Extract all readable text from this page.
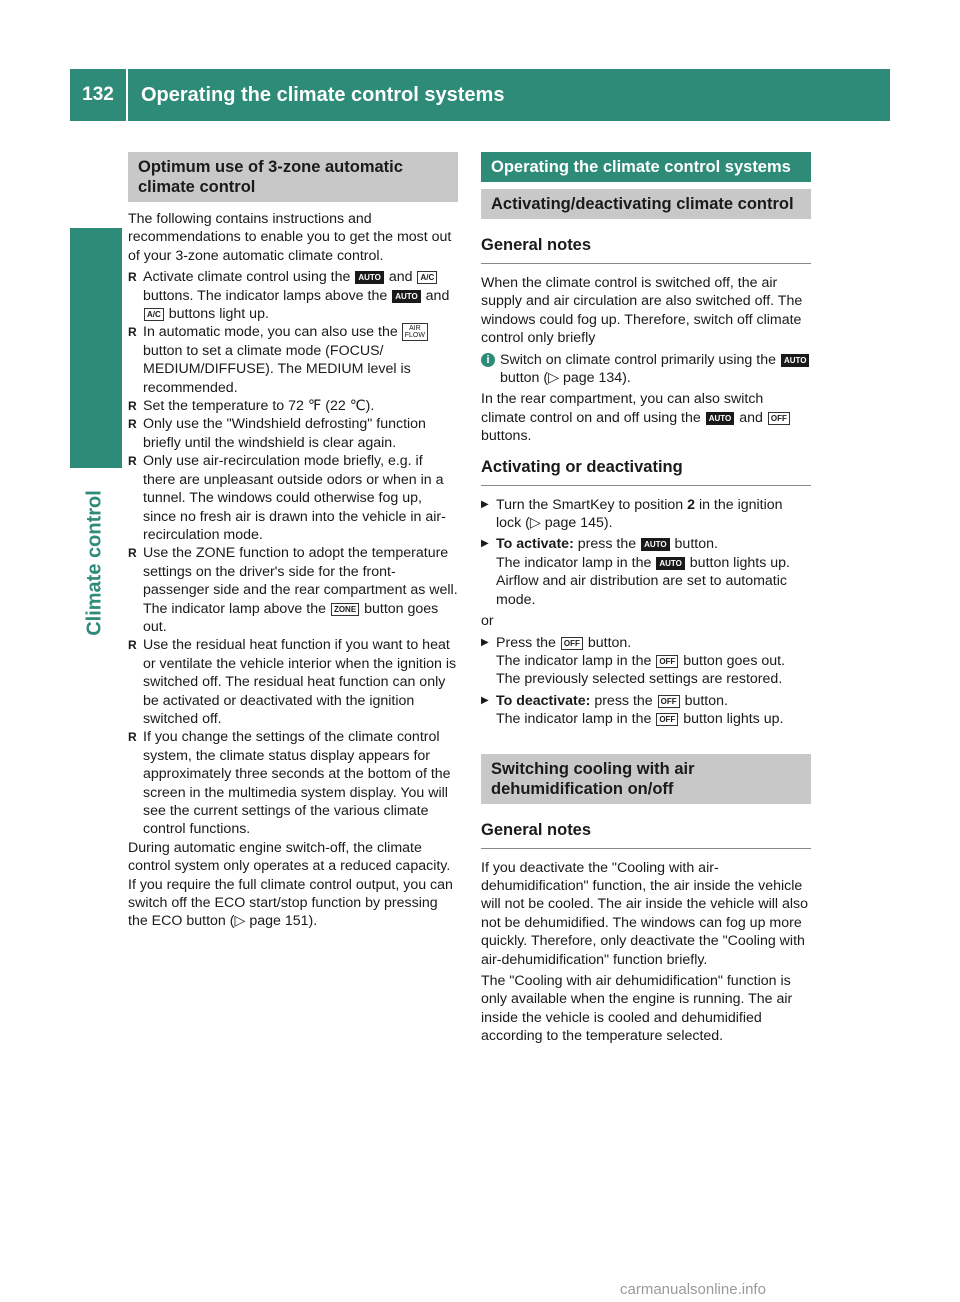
132	Operating the climate control systems
Climate control
Optimum use of 3-zone automatic climate control

The following contains instructions and recommendations to enable you to get the most out of your 3-zone automatic climate control.

R Activate climate control using the AUTO and A/C buttons. The indicator lamps above the AUTO and A/C buttons light up.
R In automatic mode, you can also use the AIR
FLOW button to set a climate mode (FOCUS/ MEDIUM/DIFFUSE). The MEDIUM level is recommended.
R Set the temperature to 72 ℉ (22 ℃).
R Only use the "Windshield defrosting" function briefly until the windshield is clear again.
R Only use air-recirculation mode briefly, e.g. if there are unpleasant outside odors or when in a tunnel. The windows could otherwise fog up, since no fresh air is drawn into the vehicle in air-recirculation mode.
R Use the ZONE function to adopt the temperature settings on the driver's side for the front-passenger side and the rear compartment as well. The indicator lamp above the ZONE button goes out.
R Use the residual heat function if you want to heat or ventilate the vehicle interior when the ignition is switched off. The residual heat function can only be activated or deactivated with the ignition switched off.
R If you change the settings of the climate control system, the climate status display appears for approximately three seconds at the bottom of the screen in the multimedia system display. You will see the current settings of the various climate control functions.

During automatic engine switch-off, the climate control system only operates at a reduced capacity. If you require the full climate control output, you can switch off the ECO start/stop function by pressing the ECO button (▷ page 151).

Operating the climate control systems
Activating/deactivating climate control
General notes

When the climate control is switched off, the air supply and air circulation are also switched off. The windows could fog up. Therefore, switch off climate control only briefly

i Switch on climate control primarily using the AUTO button (▷ page 134).

In the rear compartment, you can also switch climate control on and off using the AUTO and OFF buttons.

Activating or deactivating
▶ Turn the SmartKey to position 2 in the ignition lock (▷ page 145).
▶ To activate: press the AUTO button.
The indicator lamp in the AUTO button lights up. Airflow and air distribution are set to automatic mode.

or

▶ Press the OFF button.
The indicator lamp in the OFF button goes out. The previously selected settings are restored.
▶ To deactivate: press the OFF button.
The indicator lamp in the OFF button lights up.
Switching cooling with air dehumidification on/off
General notes

If you deactivate the "Cooling with air-dehumidification" function, the air inside the vehicle will not be cooled. The air inside the vehicle will also not be dehumidified. The windows can fog up more quickly. Therefore, only deactivate the "Cooling with air-dehumidification" function briefly.

The "Cooling with air dehumidification" function is only available when the engine is running. The air inside the vehicle is cooled and dehumidified according to the temperature selected.

carmanualsonline.info
